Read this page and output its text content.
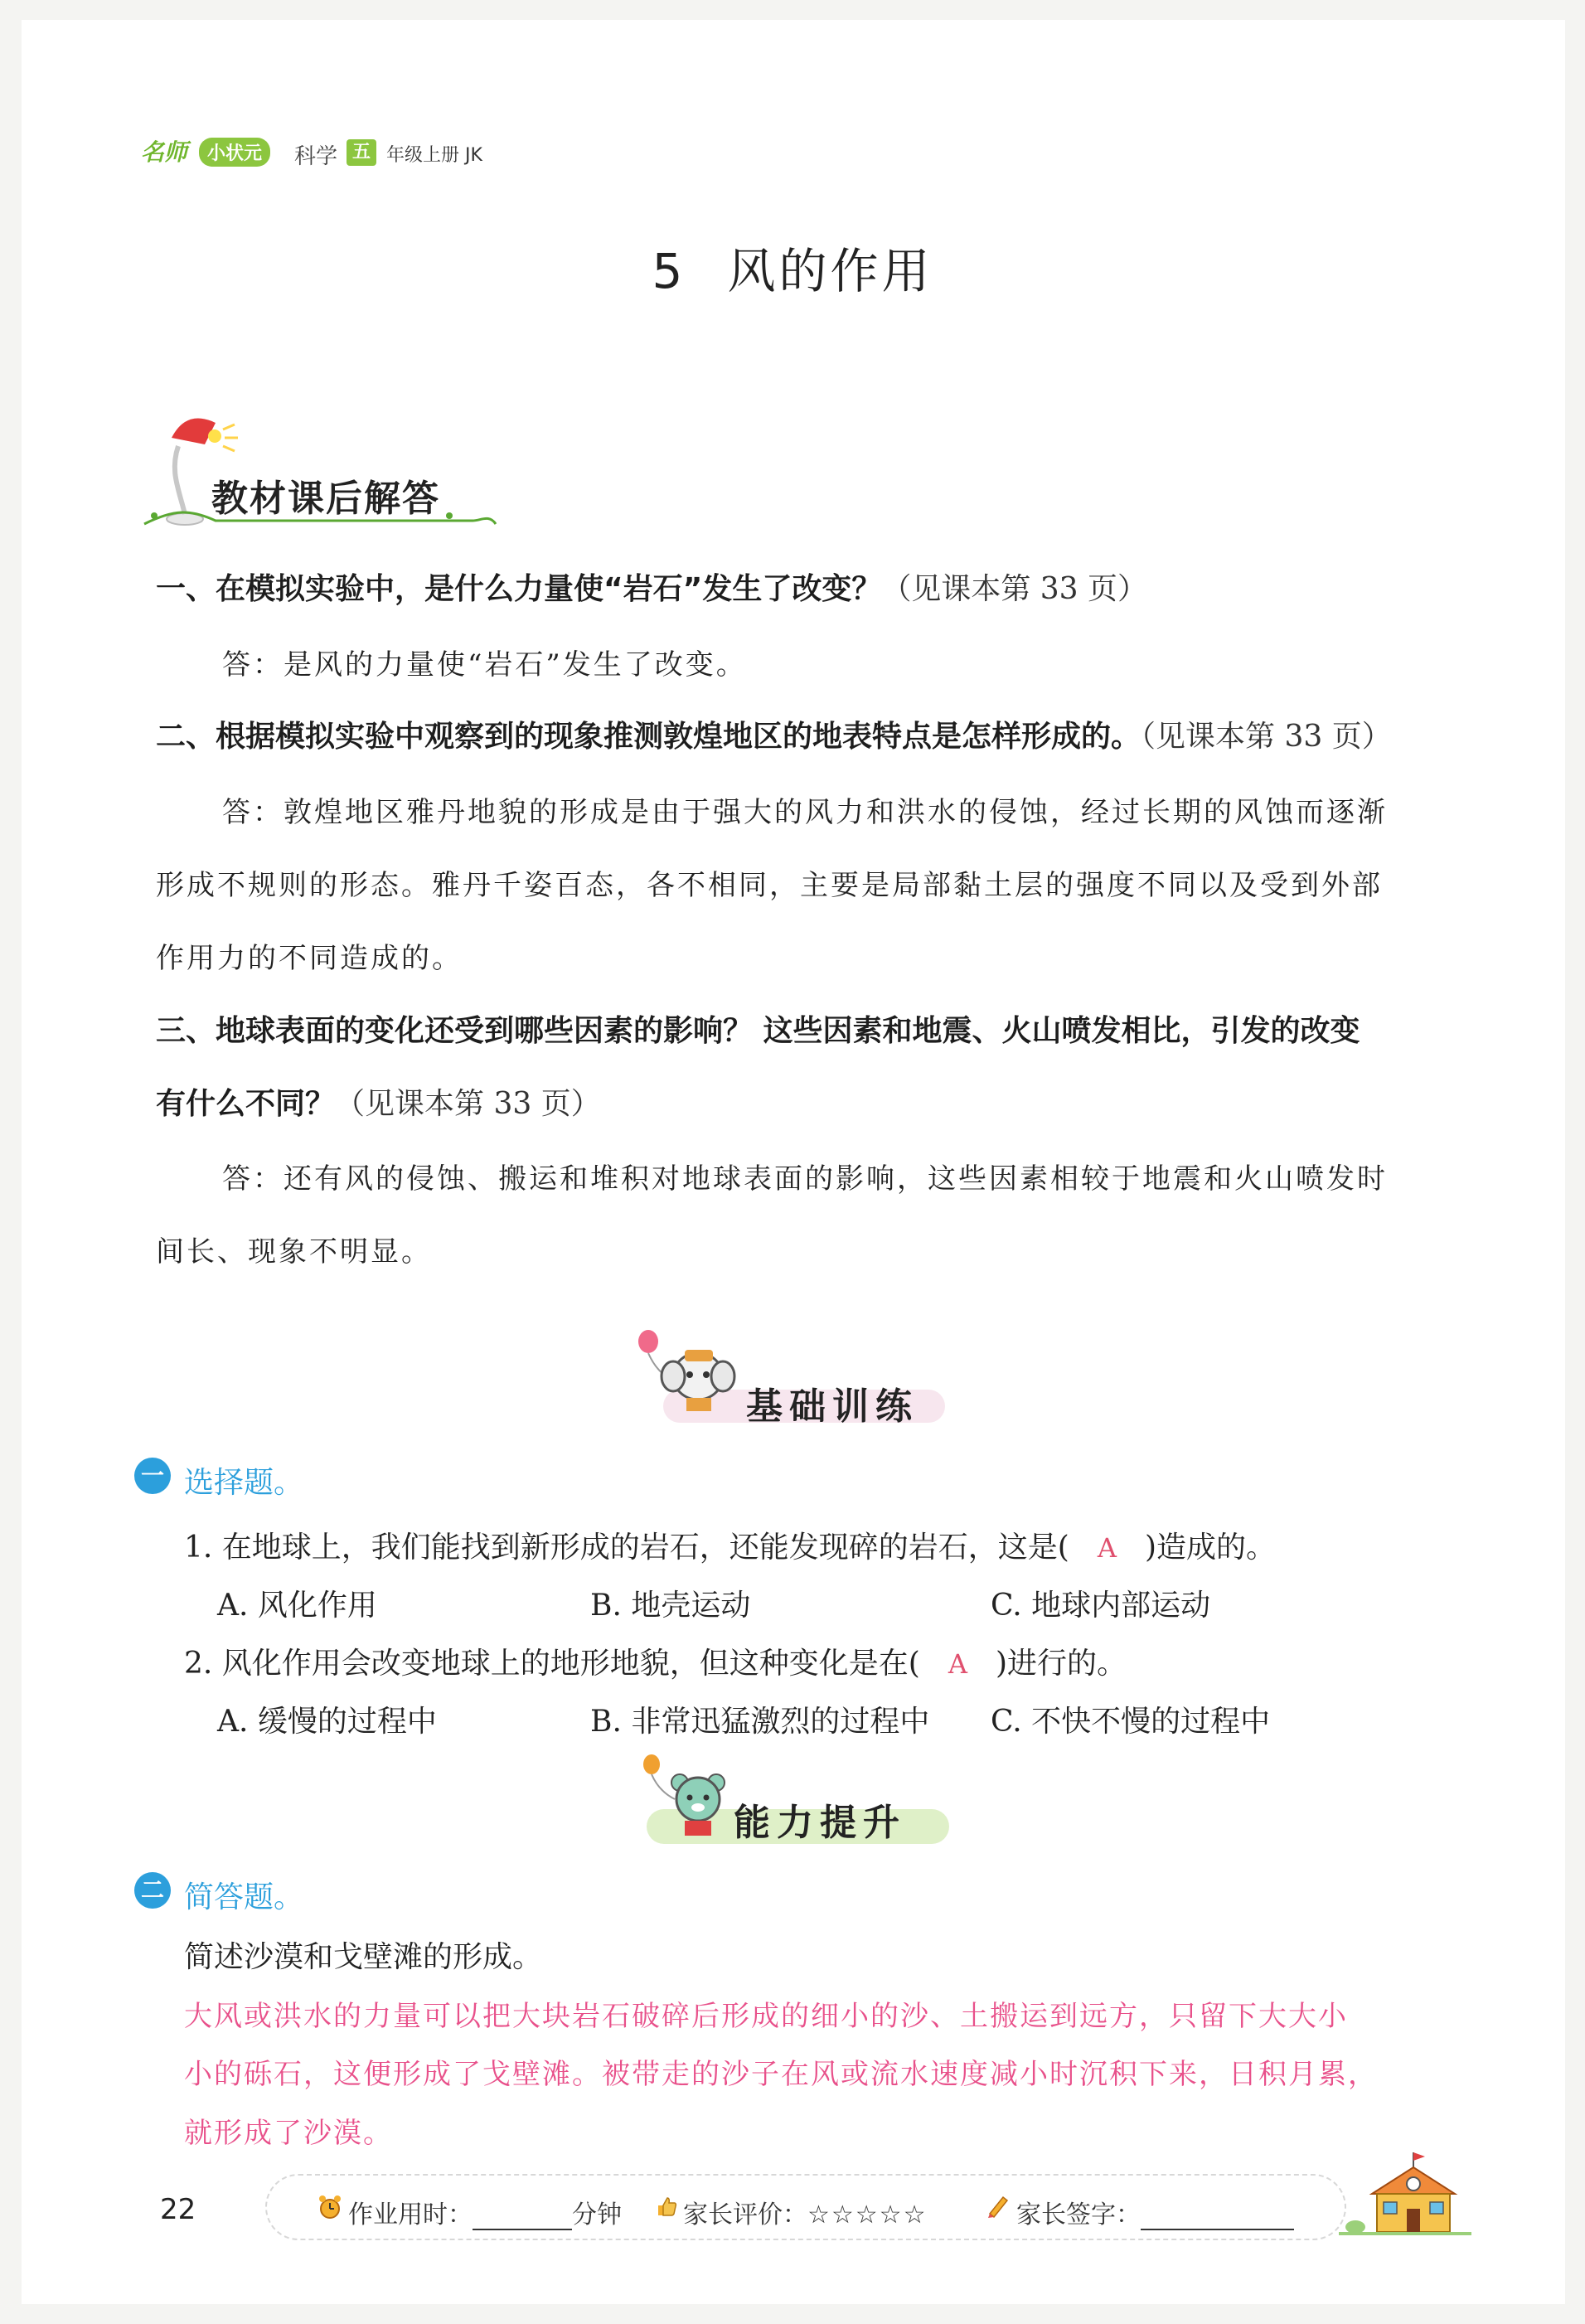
名师	小状元	科学 五 年级上册 JK
5 风的作用
教材课后解答
一、在模拟实验中，是什么力量使“岩石”发生了改变？（见课本第 33 页）
答：是风的力量使“岩石”发生了改变。
二、根据模拟实验中观察到的现象推测敦煌地区的地表特点是怎样形成的。（见课本第 33 页）
答：敦煌地区雅丹地貌的形成是由于强大的风力和洪水的侵蚀，经过长期的风蚀而逐渐
形成不规则的形态。雅丹千姿百态，各不相同，主要是局部黏土层的强度不同以及受到外部
作用力的不同造成的。
三、地球表面的变化还受到哪些因素的影响？ 这些因素和地震、火山喷发相比，引发的改变
有什么不同？（见课本第 33 页）
答：还有风的侵蚀、搬运和堆积对地球表面的影响，这些因素相较于地震和火山喷发时
间长、现象不明显。
基础训练
一 选择题。
1. 在地球上，我们能找到新形成的岩石，还能发现碎的岩石，这是( A )造成的。
A. 风化作用	B. 地壳运动	C. 地球内部运动
2. 风化作用会改变地球上的地形地貌，但这种变化是在( A )进行的。
A. 缓慢的过程中	B. 非常迅猛激烈的过程中 C. 不快不慢的过程中
能力提升
二 简答题。
简述沙漠和戈壁滩的形成。
大风或洪水的力量可以把大块岩石破碎后形成的细小的沙、土搬运到远方，只留下大大小
小的砾石，这便形成了戈壁滩。被带走的沙子在风或流水速度减小时沉积下来，日积月累，
就形成了沙漠。
22	作业用时：	分钟 家长评价：☆☆☆☆☆	家长签字：
